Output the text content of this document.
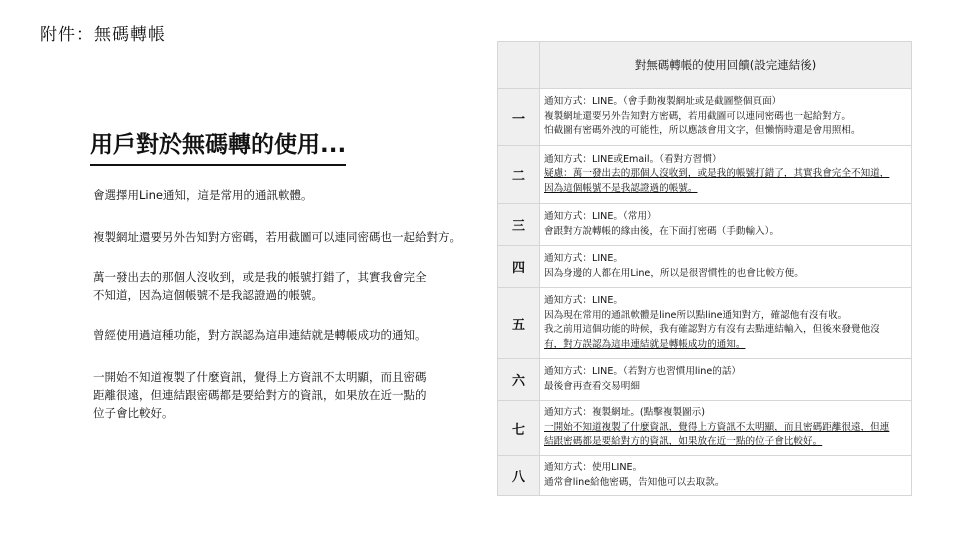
附件：無碼轉帳
用戶對於無碼轉的使用...
會選擇用Line通知，這是常用的通訊軟體。
複製網址還要另外告知對方密碼，若用截圖可以連同密碼也一起給對方。
萬一發出去的那個人沒收到，或是我的帳號打錯了，其實我會完全
不知道，因為這個帳號不是我認證過的帳號。
曾經使用過這種功能，對方誤認為這串連結就是轉帳成功的通知。
一開始不知道複製了什麼資訊，覺得上方資訊不太明顯，而且密碼
距離很遠，但連結跟密碼都是要給對方的資訊，如果放在近一點的
位子會比較好。
	對無碼轉帳的使用回饋(設完連結後)
一	通知方式：LINE。（會手動複製網址或是截圖整個頁面）
複製網址還要另外告知對方密碼，若用截圖可以連同密碼也一起給對方。
怕截圖有密碼外洩的可能性，所以應該會用文字，但懶惰時還是會用照相。

二	通知方式：LINE或Email。（看對方習慣）
疑慮：萬一發出去的那個人沒收到，或是我的帳號打錯了，其實我會完全不知道，
因為這個帳號不是我認證過的帳號。

三	通知方式：LINE。（常用）
會跟對方說轉帳的緣由後，在下面打密碼（手動輸入）。

四	通知方式：LINE。
因為身邊的人都在用Line，所以是很習慣性的也會比較方便。

五	通知方式：LINE。
因為現在常用的通訊軟體是line所以點line通知對方，確認他有沒有收。
我之前用這個功能的時候，我有確認對方有沒有去點連結輸入，但後來發覺他沒
有，對方誤認為這串連結就是轉帳成功的通知。

六	通知方式：LINE。（若對方也習慣用line的話）
最後會再查看交易明細

七	通知方式：複製網址。(點擊複製圖示)
一開始不知道複製了什麼資訊，覺得上方資訊不太明顯，而且密碼距離很遠，但連
結跟密碼都是要給對方的資訊，如果放在近一點的位子會比較好。

八	通知方式：使用LINE。
通常會line給他密碼，告知他可以去取款。
